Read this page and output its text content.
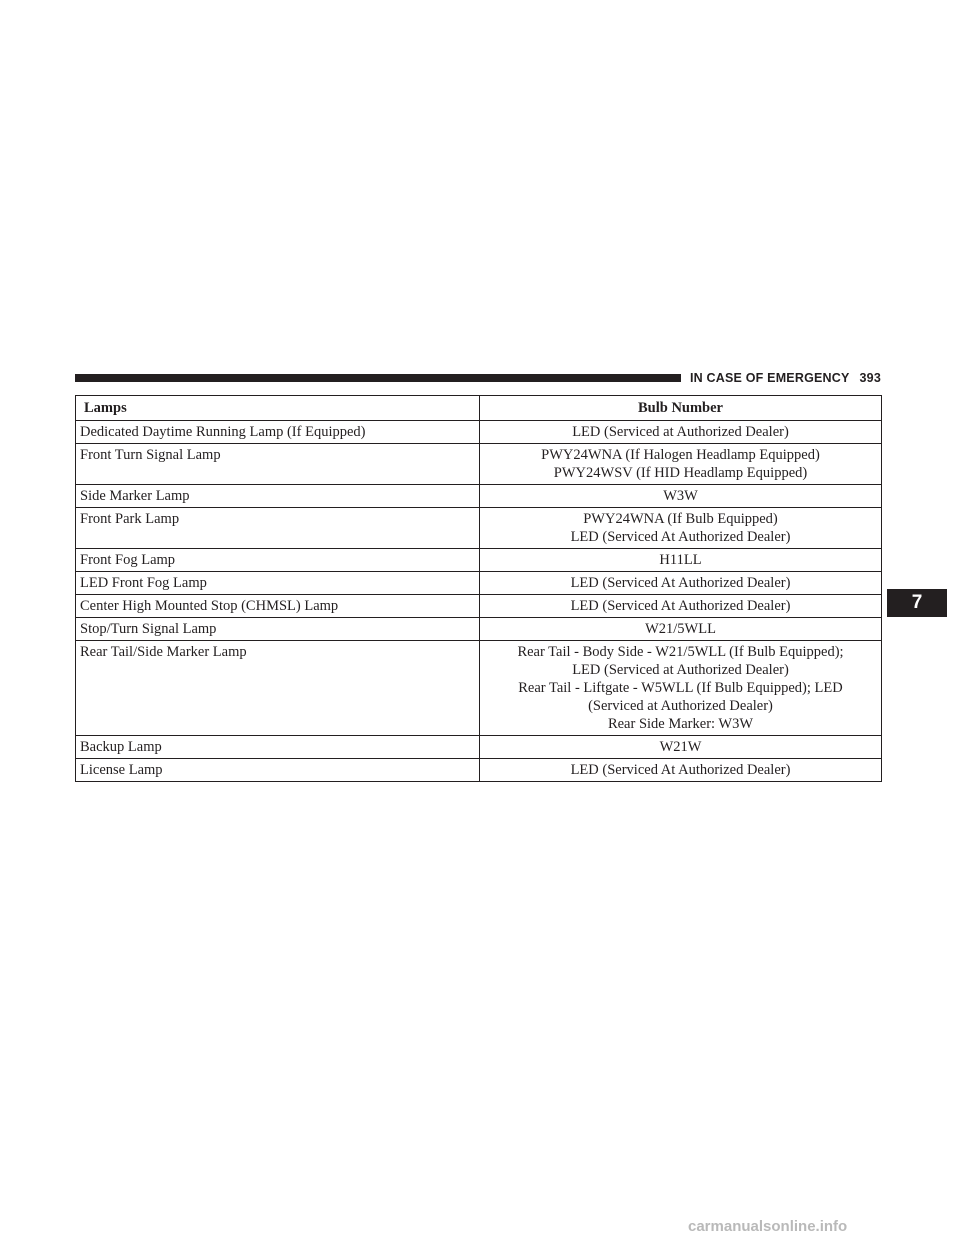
IN CASE OF EMERGENCY 393
Lamps	Bulb Number
Dedicated Daytime Running Lamp (If Equipped)	LED (Serviced at Authorized Dealer)

Front Turn Signal Lamp	PWY24WNA (If Halogen Headlamp Equipped)
PWY24WSV (If HID Headlamp Equipped)

Side Marker Lamp	W3W

Front Park Lamp	PWY24WNA (If Bulb Equipped)
LED (Serviced At Authorized Dealer)

Front Fog Lamp	H11LL

LED Front Fog Lamp	LED (Serviced At Authorized Dealer)

Center High Mounted Stop (CHMSL) Lamp	LED (Serviced At Authorized Dealer)

Stop/Turn Signal Lamp	W21/5WLL

Rear Tail/Side Marker Lamp	Rear Tail - Body Side - W21/5WLL (If Bulb Equipped);
LED (Serviced at Authorized Dealer)
Rear Tail - Liftgate - W5WLL (If Bulb Equipped); LED
(Serviced at Authorized Dealer)
Rear Side Marker: W3W

Backup Lamp	W21W

License Lamp	LED (Serviced At Authorized Dealer)
7
carmanualsonline.info
